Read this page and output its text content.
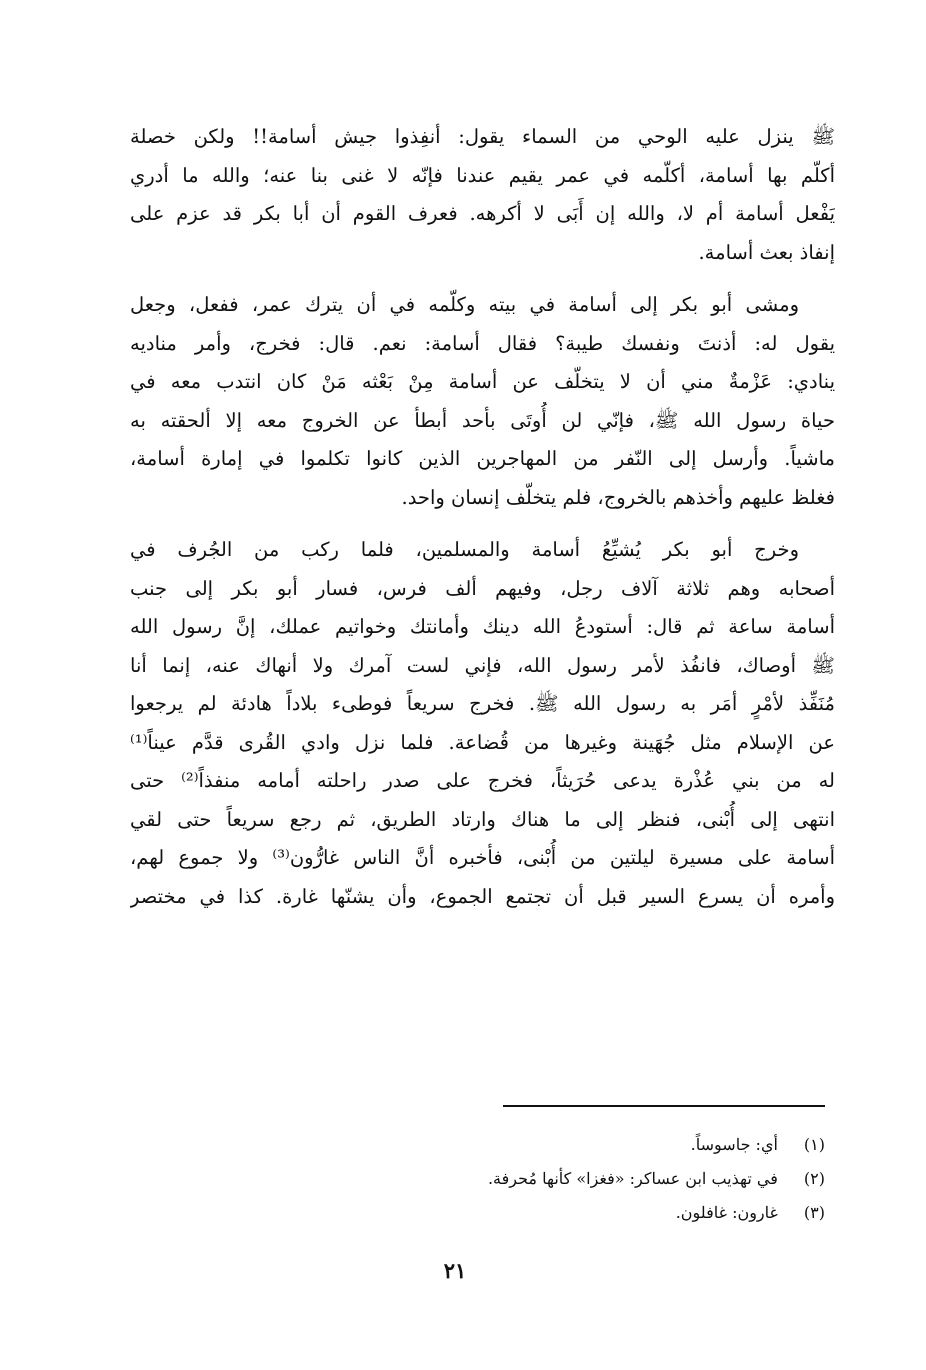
ﷺ ينزل عليه الوحي من السماء يقول: أنفِذوا جيش أسامة!! ولكن خصلة
أكلّم بها أسامة، أكلّمه في عمر يقيم عندنا فإنّه لا غنى بنا عنه؛ والله ما أدري
يَفْعل أسامة أم لا، والله إن أَبَى لا أكرهه. فعرف القوم أن أبا بكر قد عزم على
إنفاذ بعث أسامة.

ومشى أبو بكر إلى أسامة في بيته وكلّمه في أن يترك عمر، ففعل، وجعل
يقول له: أذنتَ ونفسك طيبة؟ فقال أسامة: نعم. قال: فخرج، وأمر مناديه
ينادي: عَزْمةٌ مني أن لا يتخلّف عن أسامة مِنْ بَعْثه مَنْ كان انتدب معه في
حياة رسول الله ﷺ، فإنّي لن أُوتَى بأحد أبطأ عن الخروج معه إلا ألحقته به
ماشياً. وأرسل إلى النّفر من المهاجرين الذين كانوا تكلموا في إمارة أسامة،
فغلظ عليهم وأخذهم بالخروج، فلم يتخلّف إنسان واحد.

وخرج أبو بكر يُشيِّعُ أسامة والمسلمين، فلما ركب من الجُرف في
أصحابه وهم ثلاثة آلاف رجل، وفيهم ألف فرس، فسار أبو بكر إلى جنب
أسامة ساعة ثم قال: أستودعُ الله دينك وأمانتك وخواتيم عملك، إنَّ رسول الله
ﷺ أوصاك، فانفُذ لأمر رسول الله، فإني لست آمرك ولا أنهاك عنه، إنما أنا
مُنَفِّذ لأمْرٍ أمَر به رسول الله ﷺ. فخرج سريعاً فوطىء بلاداً هادئة لم يرجعوا
عن الإسلام مثل جُهَينة وغيرها من قُضاعة. فلما نزل وادي القُرى قدَّم عيناً⁽¹⁾
له من بني عُذْرة يدعى حُرَيثاً، فخرج على صدر راحلته أمامه منفذاً⁽²⁾ حتى
انتهى إلى أُبْنى، فنظر إلى ما هناك وارتاد الطريق، ثم رجع سريعاً حتى لقي
أسامة على مسيرة ليلتين من أُبْنى، فأخبره أنَّ الناس غارُّون⁽³⁾ ولا جموع لهم،
وأمره أن يسرع السير قبل أن تجتمع الجموع، وأن يشنّها غارة. كذا في مختصر

(١) أي: جاسوساً.
(٢) في تهذيب ابن عساكر: «فغزا» كأنها مُحرفة.
(٣) غارون: غافلون.
٢١
